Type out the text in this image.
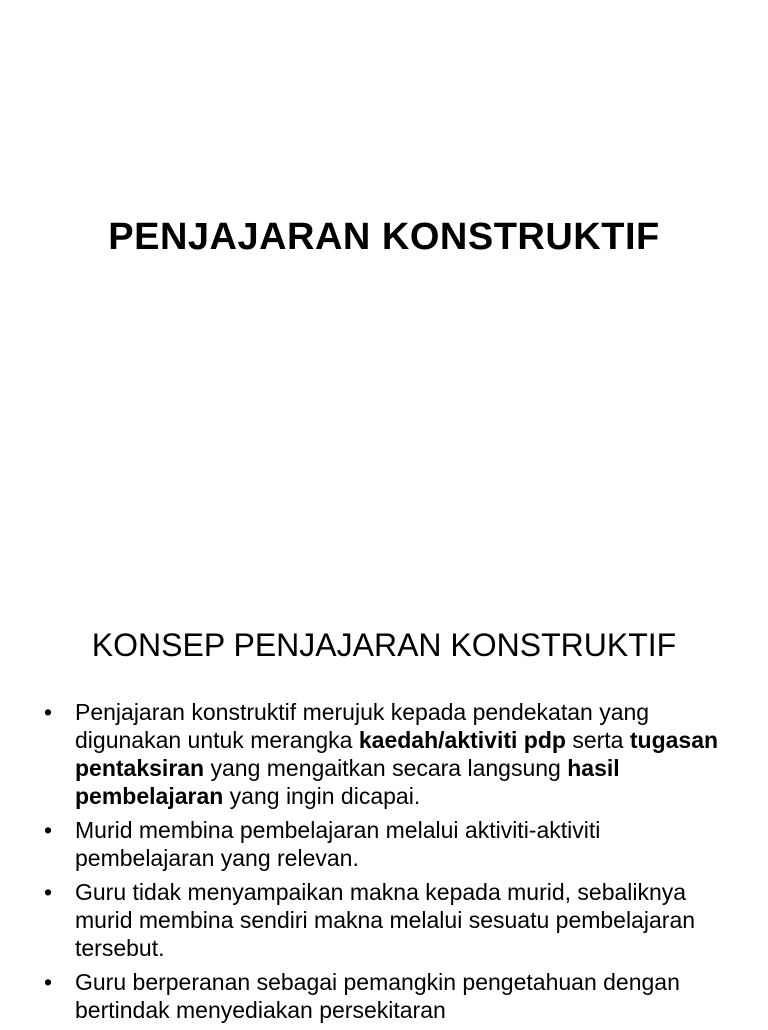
PENJAJARAN KONSTRUKTIF
KONSEP PENJAJARAN KONSTRUKTIF
• Penjajaran konstruktif merujuk kepada pendekatan yang digunakan untuk merangka kaedah/aktiviti pdp serta tugasan pentaksiran yang mengaitkan secara langsung hasil pembelajaran yang ingin dicapai.
• Murid membina pembelajaran melalui aktiviti-aktiviti pembelajaran yang relevan.
• Guru tidak menyampaikan makna kepada murid, sebaliknya murid membina sendiri makna melalui sesuatu pembelajaran tersebut.
• Guru berperanan sebagai pemangkin pengetahuan dengan bertindak menyediakan persekitaran
